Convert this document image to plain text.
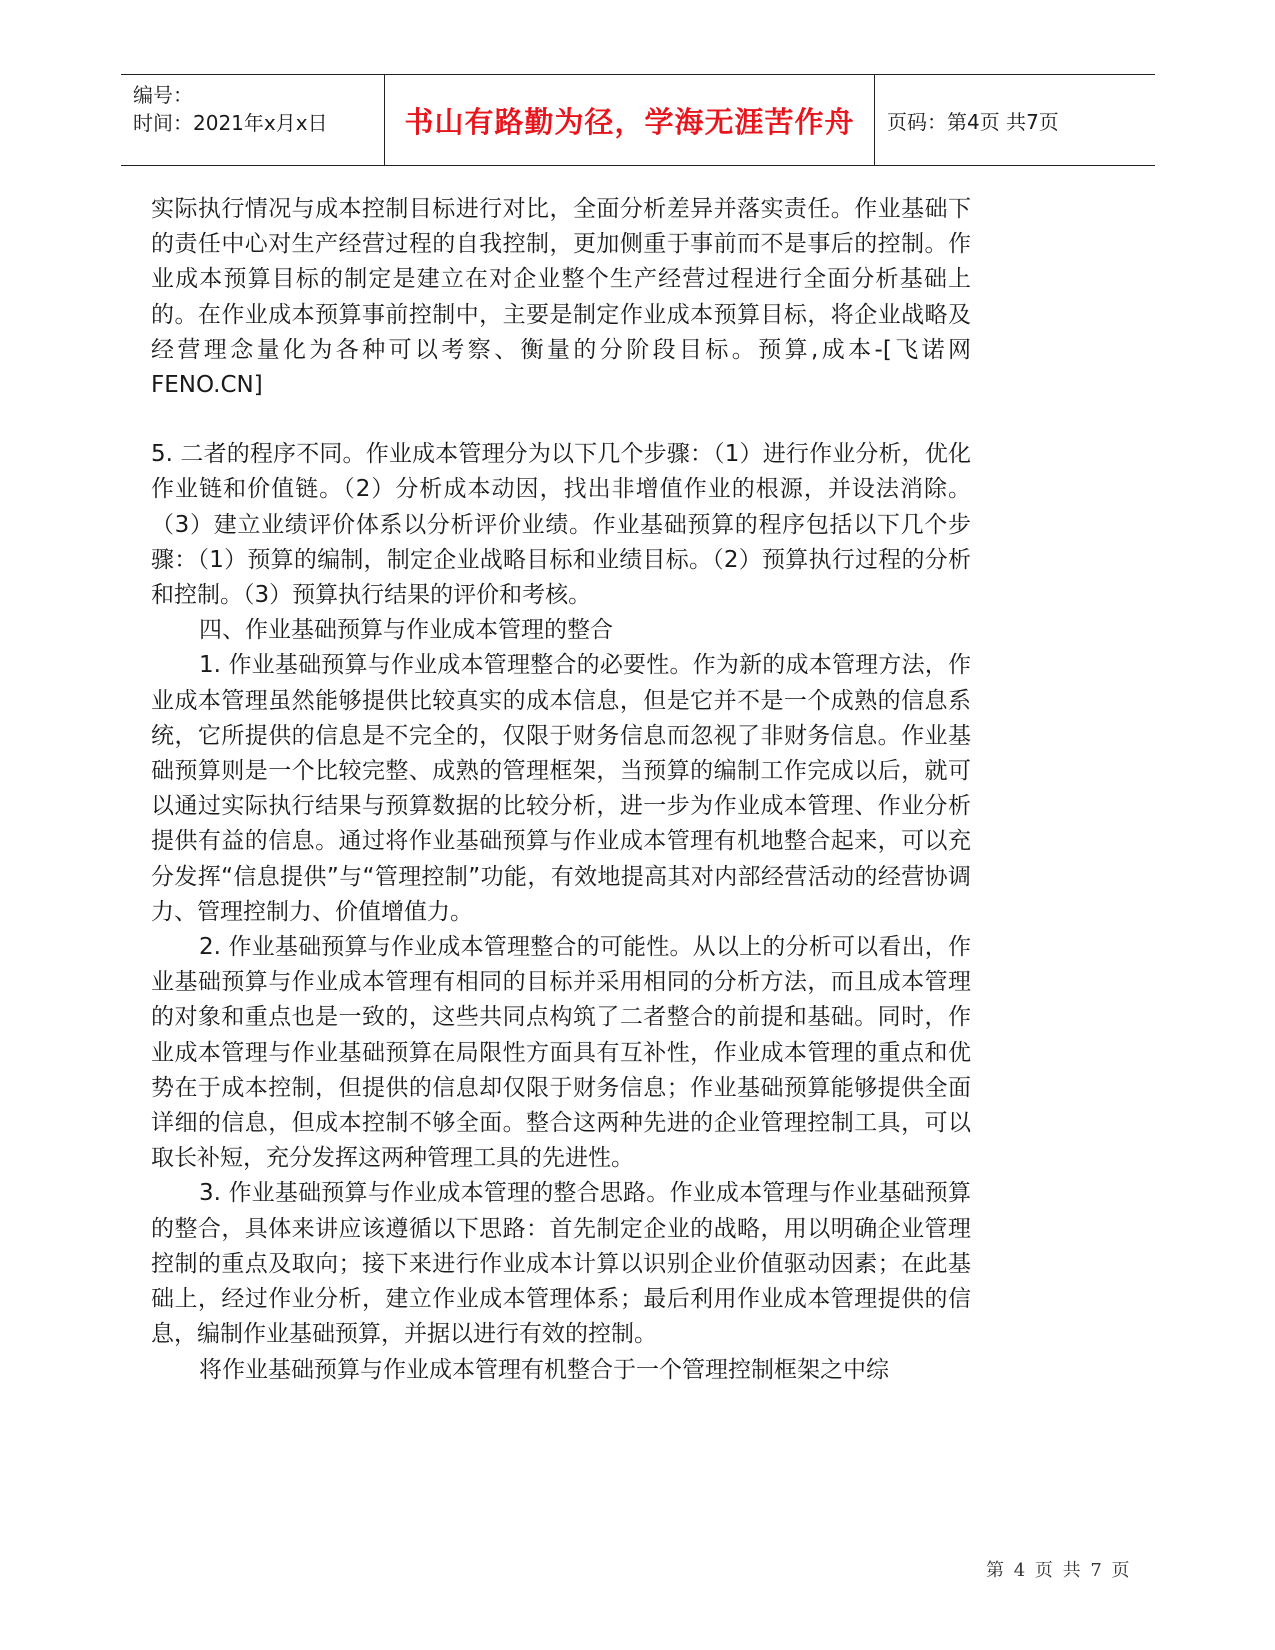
编号：
时间：2021年x月x日	书山有路勤为径，学海无涯苦作舟	页码：第4页 共7页

实际执行情况与成本控制目标进行对比，全面分析差异并落实责任。作业基础下的责任中心对生产经营过程的自我控制，更加侧重于事前而不是事后的控制。作业成本预算目标的制定是建立在对企业整个生产经营过程进行全面分析基础上的。在作业成本预算事前控制中，主要是制定作业成本预算目标，将企业战略及经营理念量化为各种可以考察、衡量的分阶段目标。预算,成本-[飞诺网FENO.CN]

5. 二者的程序不同。作业成本管理分为以下几个步骤：（1）进行作业分析，优化作业链和价值链。（2）分析成本动因，找出非增值作业的根源，并设法消除。（3）建立业绩评价体系以分析评价业绩。作业基础预算的程序包括以下几个步骤：（1）预算的编制，制定企业战略目标和业绩目标。（2）预算执行过程的分析和控制。（3）预算执行结果的评价和考核。

四、作业基础预算与作业成本管理的整合

1. 作业基础预算与作业成本管理整合的必要性。作为新的成本管理方法，作业成本管理虽然能够提供比较真实的成本信息，但是它并不是一个成熟的信息系统，它所提供的信息是不完全的，仅限于财务信息而忽视了非财务信息。作业基础预算则是一个比较完整、成熟的管理框架，当预算的编制工作完成以后，就可以通过实际执行结果与预算数据的比较分析，进一步为作业成本管理、作业分析提供有益的信息。通过将作业基础预算与作业成本管理有机地整合起来，可以充分发挥“信息提供”与“管理控制”功能，有效地提高其对内部经营活动的经营协调力、管理控制力、价值增值力。

2. 作业基础预算与作业成本管理整合的可能性。从以上的分析可以看出，作业基础预算与作业成本管理有相同的目标并采用相同的分析方法，而且成本管理的对象和重点也是一致的，这些共同点构筑了二者整合的前提和基础。同时，作业成本管理与作业基础预算在局限性方面具有互补性，作业成本管理的重点和优势在于成本控制，但提供的信息却仅限于财务信息；作业基础预算能够提供全面详细的信息，但成本控制不够全面。整合这两种先进的企业管理控制工具，可以取长补短，充分发挥这两种管理工具的先进性。

3. 作业基础预算与作业成本管理的整合思路。作业成本管理与作业基础预算的整合，具体来讲应该遵循以下思路：首先制定企业的战略，用以明确企业管理控制的重点及取向；接下来进行作业成本计算以识别企业价值驱动因素；在此基础上，经过作业分析，建立作业成本管理体系；最后利用作业成本管理提供的信息，编制作业基础预算，并据以进行有效的控制。

将作业基础预算与作业成本管理有机整合于一个管理控制框架之中综

第 4 页 共 7 页
